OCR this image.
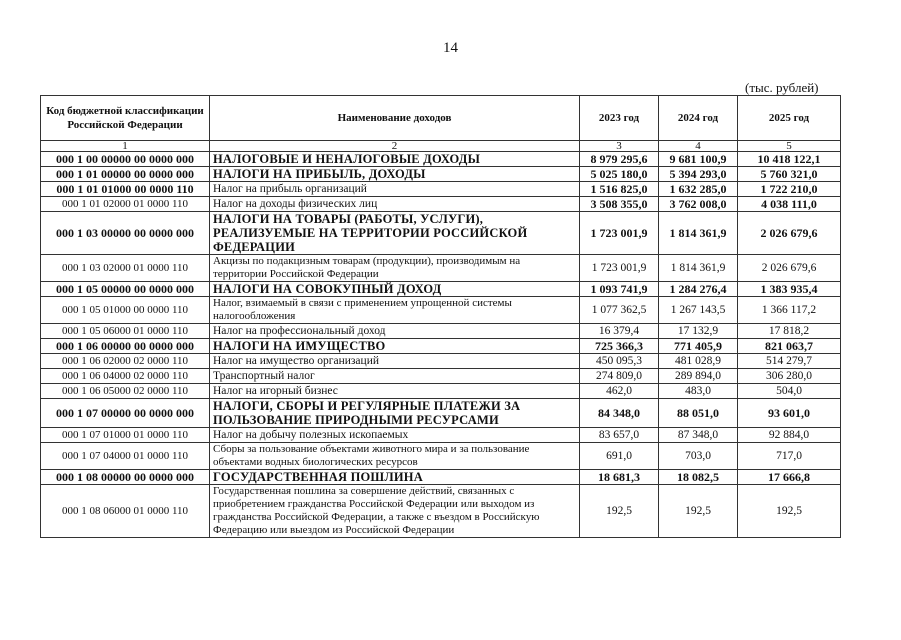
14
(тыс. рублей)
Код бюджетной классификации Российской Федерации	Наименование доходов	2023 год	2024 год	2025 год
1	2	3	4	5
000 1 00 00000 00 0000 000	НАЛОГОВЫЕ И НЕНАЛОГОВЫЕ ДОХОДЫ	8 979 295,6	9 681 100,9	10 418 122,1
000 1 01 00000 00 0000 000	НАЛОГИ НА ПРИБЫЛЬ, ДОХОДЫ	5 025 180,0	5 394 293,0	5 760 321,0
000 1 01 01000 00 0000 110	Налог на прибыль организаций	1 516 825,0	1 632 285,0	1 722 210,0
000 1 01 02000 01 0000 110	Налог на доходы физических лиц	3 508 355,0	3 762 008,0	4 038 111,0
000 1 03 00000 00 0000 000	НАЛОГИ НА ТОВАРЫ (РАБОТЫ, УСЛУГИ), РЕАЛИЗУЕМЫЕ НА ТЕРРИТОРИИ РОССИЙСКОЙ ФЕДЕРАЦИИ	1 723 001,9	1 814 361,9	2 026 679,6
000 1 03 02000 01 0000 110	Акцизы по подакцизным товарам (продукции), производимым на территории Российской Федерации	1 723 001,9	1 814 361,9	2 026 679,6
000 1 05 00000 00 0000 000	НАЛОГИ НА СОВОКУПНЫЙ ДОХОД	1 093 741,9	1 284 276,4	1 383 935,4
000 1 05 01000 00 0000 110	Налог, взимаемый в связи с применением упрощенной системы налогообложения	1 077 362,5	1 267 143,5	1 366 117,2
000 1 05 06000 01 0000 110	Налог на профессиональный доход	16 379,4	17 132,9	17 818,2
000 1 06 00000 00 0000 000	НАЛОГИ НА ИМУЩЕСТВО	725 366,3	771 405,9	821 063,7
000 1 06 02000 02 0000 110	Налог на имущество организаций	450 095,3	481 028,9	514 279,7
000 1 06 04000 02 0000 110	Транспортный налог	274 809,0	289 894,0	306 280,0
000 1 06 05000 02 0000 110	Налог на игорный бизнес	462,0	483,0	504,0
000 1 07 00000 00 0000 000	НАЛОГИ, СБОРЫ И РЕГУЛЯРНЫЕ ПЛАТЕЖИ ЗА ПОЛЬЗОВАНИЕ ПРИРОДНЫМИ РЕСУРСАМИ	84 348,0	88 051,0	93 601,0
000 1 07 01000 01 0000 110	Налог на добычу полезных ископаемых	83 657,0	87 348,0	92 884,0
000 1 07 04000 01 0000 110	Сборы за пользование объектами животного мира и за пользование объектами водных биологических ресурсов	691,0	703,0	717,0
000 1 08 00000 00 0000 000	ГОСУДАРСТВЕННАЯ ПОШЛИНА	18 681,3	18 082,5	17 666,8
000 1 08 06000 01 0000 110	Государственная пошлина за совершение действий, связанных с приобретением гражданства Российской Федерации или выходом из гражданства Российской Федерации, а также с въездом в Российскую Федерацию или выездом из Российской Федерации	192,5	192,5	192,5
